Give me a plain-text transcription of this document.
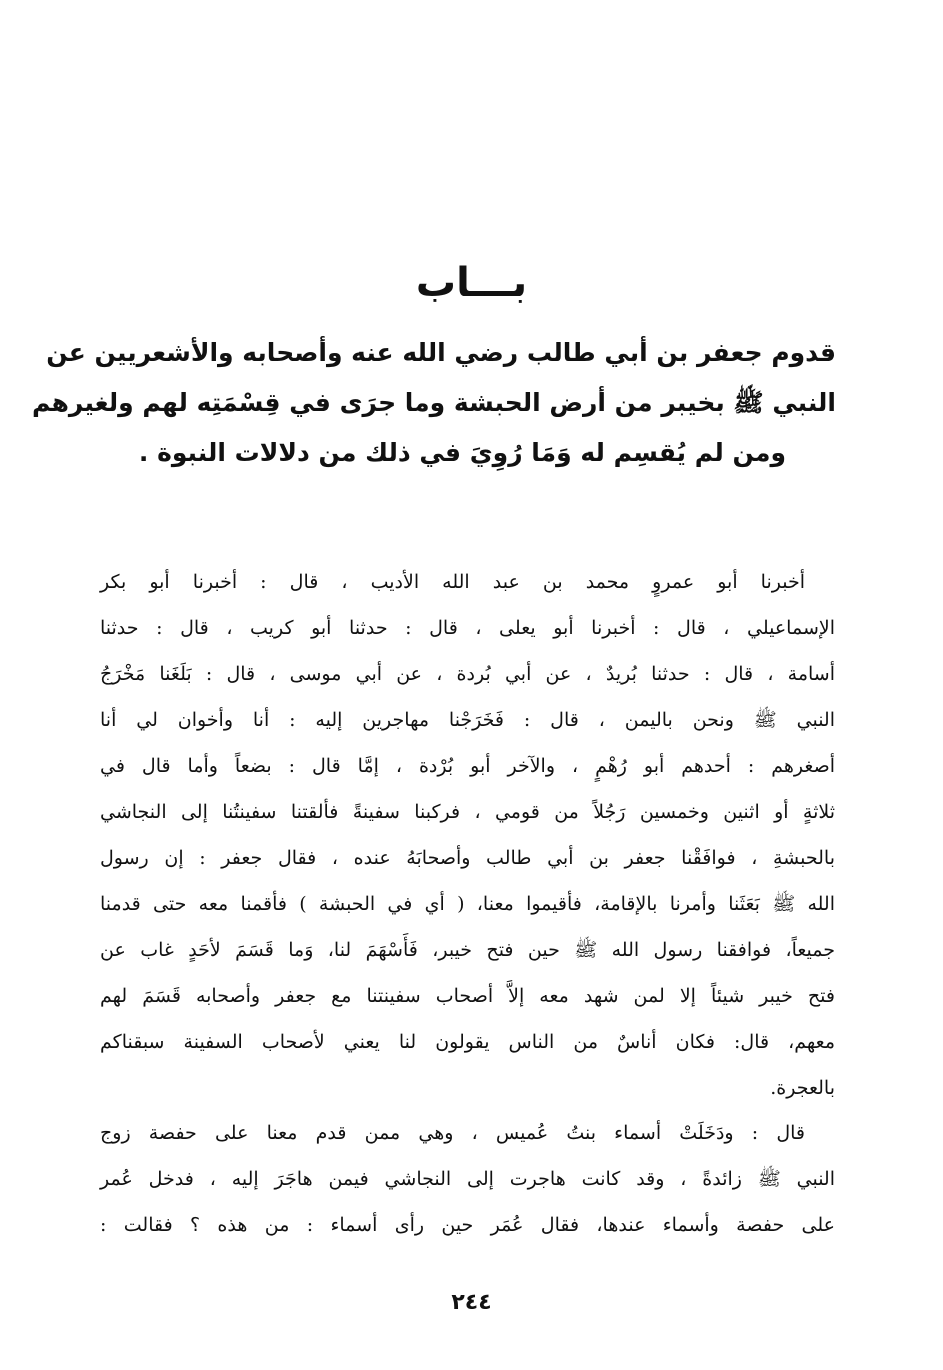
بـــاب
قدوم جعفر بن أبي طالب رضي الله عنه وأصحابه والأشعريين عن
النبي ﷺ بخيبر من أرض الحبشة وما جرَى في قِسْمَتِه لهم ولغيرهم
ومن لم يُقسِم له وَمَا رُوِيَ في ذلك من دلالات النبوة .
أخبرنا أبو عمروٍ محمد بن عبد الله الأديب ، قال : أخبرنا أبو بكر
الإسماعيلي ، قال : أخبرنا أبو يعلى ، قال : حدثنا أبو كريب ، قال : حدثنا
أسامة ، قال : حدثنا بُريدٌ ، عن أبي بُردة ، عن أبي موسى ، قال : بَلَغَنا مَخْرَجُ
النبي ﷺ ونحن باليمن ، قال : فَخَرَجْنا مهاجرين إليه : أنا وأخوان لي أنا
أصغرهم : أحدهم أبو رُهْمٍ ، والآخر أبو بُرْدة ، إمَّا قال : بضعاً وأما قال في
ثلاثةٍ أو اثنين وخمسين رَجُلاً من قومي ، فركبنا سفينةً فألقتنا سفينتُنا إلى النجاشي
بالحبشةِ ، فوافَقْنا جعفر بن أبي طالب وأصحابَهُ عنده ، فقال جعفر : إن رسول
الله ﷺ بَعَثَنا وأمرنا بالإقامة، فأقيموا معنا، ( أي في الحبشة ) فأقمنا معه حتى قدمنا
جميعاً، فوافقنا رسول الله ﷺ حين فتح خيبر، فَأَسْهَمَ لنا، وَما قَسَمَ لأحَدٍ غاب عن
فتح خيبر شيئاً إلا لمن شهد معه إلاَّ أصحاب سفينتنا مع جعفر وأصحابه قَسَمَ لهم
معهم، قال: فكان أناسٌ من الناس يقولون لنا يعني لأصحاب السفينة سبقناكم
بالعجرة.
قال : ودَخَلَتْ أسماء بنتُ عُميس ، وهي ممن قدم معنا على حفصة زوج
النبي ﷺ زائدةً ، وقد كانت هاجرت إلى النجاشي فيمن هاجَرَ إليه ، فدخل عُمر
على حفصة وأسماء عندها، فقال عُمَر حين رأى أسماء : من هذه ؟ فقالت :
٢٤٤
